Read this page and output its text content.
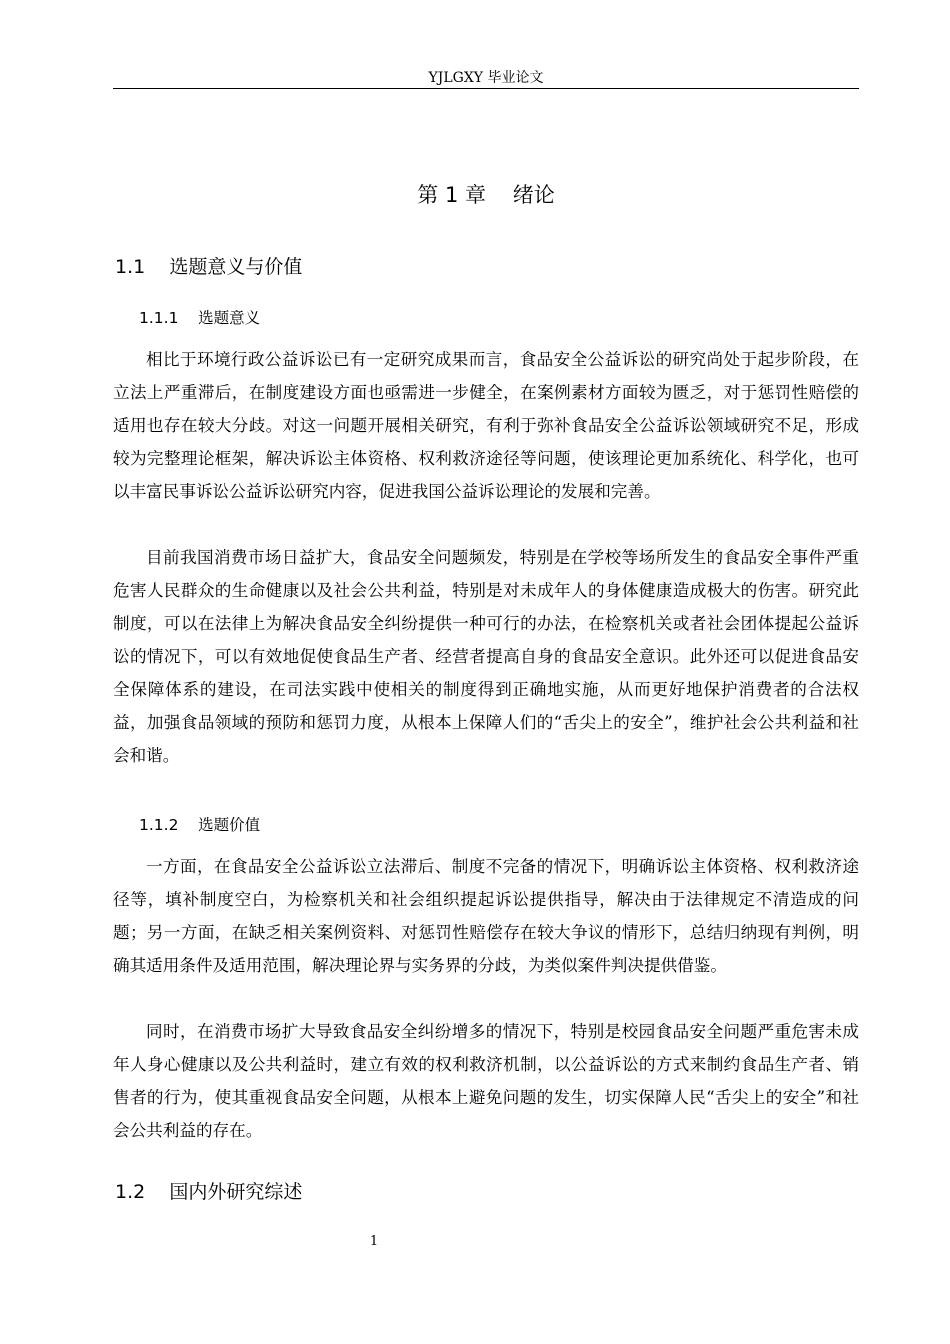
YJLGXY 毕业论文
第 1 章    绪论
1.1    选题意义与价值
1.1.1    选题意义

相比于环境行政公益诉讼已有一定研究成果而言，食品安全公益诉讼的研究尚处于起步阶段，在立法上严重滞后，在制度建设方面也亟需进一步健全，在案例素材方面较为匮乏，对于惩罚性赔偿的适用也存在较大分歧。对这一问题开展相关研究，有利于弥补食品安全公益诉讼领域研究不足，形成较为完整理论框架，解决诉讼主体资格、权利救济途径等问题，使该理论更加系统化、科学化，也可以丰富民事诉讼公益诉讼研究内容，促进我国公益诉讼理论的发展和完善。

目前我国消费市场日益扩大，食品安全问题频发，特别是在学校等场所发生的食品安全事件严重危害人民群众的生命健康以及社会公共利益，特别是对未成年人的身体健康造成极大的伤害。研究此制度，可以在法律上为解决食品安全纠纷提供一种可行的办法，在检察机关或者社会团体提起公益诉讼的情况下，可以有效地促使食品生产者、经营者提高自身的食品安全意识。此外还可以促进食品安全保障体系的建设，在司法实践中使相关的制度得到正确地实施，从而更好地保护消费者的合法权益，加强食品领域的预防和惩罚力度，从根本上保障人们的“舌尖上的安全”，维护社会公共利益和社会和谐。

1.1.2    选题价值

一方面，在食品安全公益诉讼立法滞后、制度不完备的情况下，明确诉讼主体资格、权利救济途径等，填补制度空白，为检察机关和社会组织提起诉讼提供指导，解决由于法律规定不清造成的问题；另一方面，在缺乏相关案例资料、对惩罚性赔偿存在较大争议的情形下，总结归纳现有判例，明确其适用条件及适用范围，解决理论界与实务界的分歧，为类似案件判决提供借鉴。

同时，在消费市场扩大导致食品安全纠纷增多的情况下，特别是校园食品安全问题严重危害未成年人身心健康以及公共利益时，建立有效的权利救济机制，以公益诉讼的方式来制约食品生产者、销售者的行为，使其重视食品安全问题，从根本上避免问题的发生，切实保障人民“舌尖上的安全”和社会公共利益的存在。

1.2    国内外研究综述
1
